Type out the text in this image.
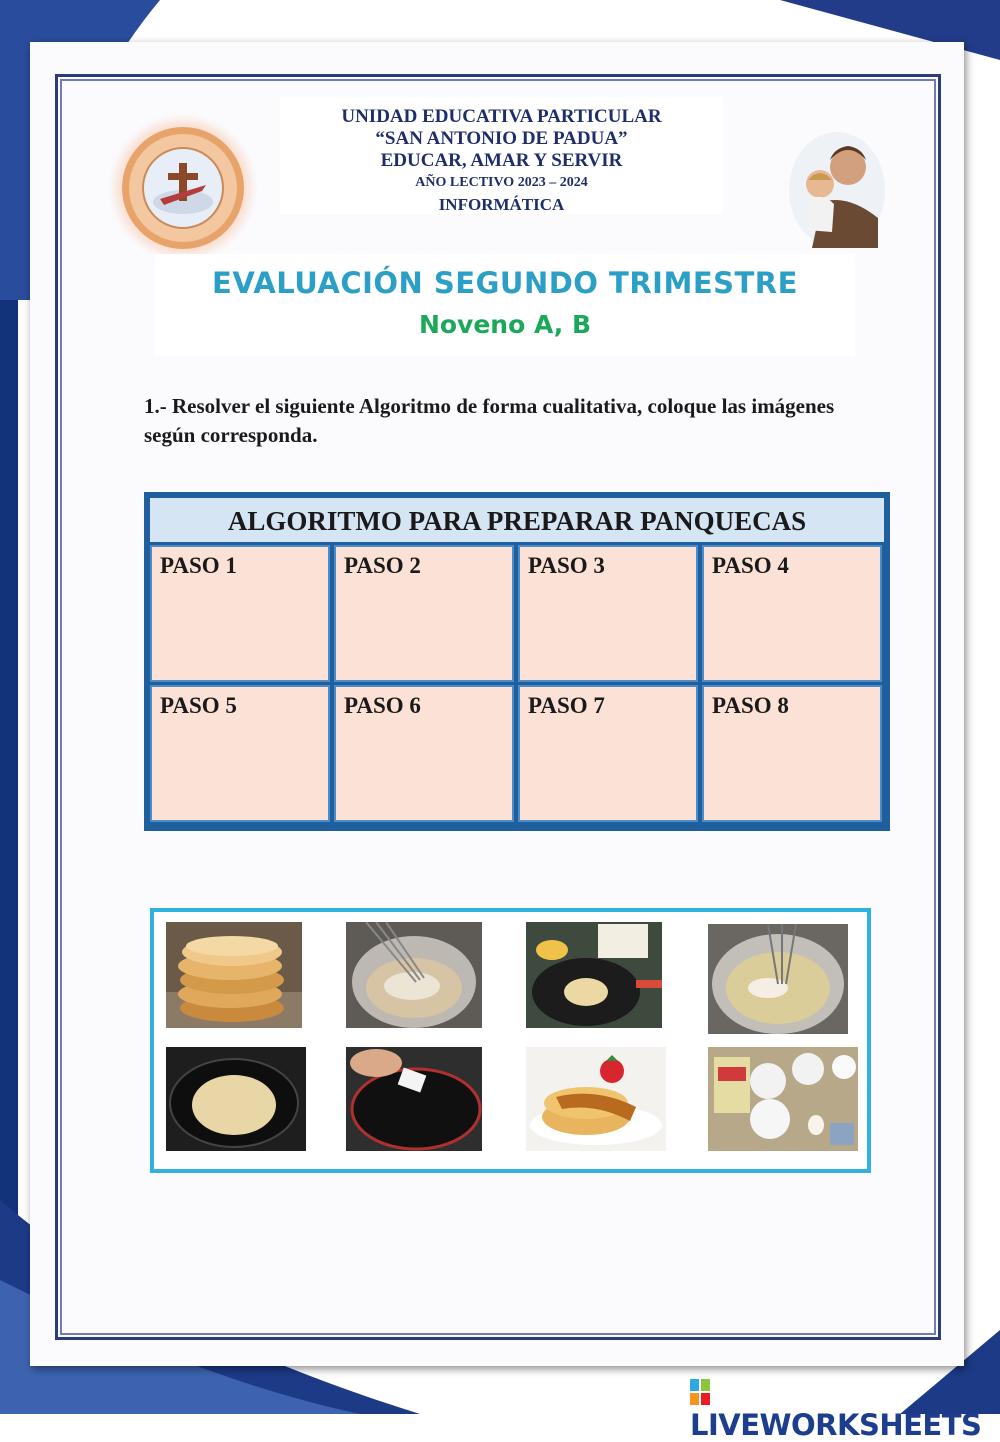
UNIDAD EDUCATIVA PARTICULAR
“SAN ANTONIO DE PADUA”
EDUCAR, AMAR Y SERVIR
AÑO LECTIVO 2023 – 2024
INFORMÁTICA
EVALUACIÓN SEGUNDO TRIMESTRE
Noveno A, B
1.- Resolver el siguiente Algoritmo de forma cualitativa, coloque las imágenes según corresponda.
ALGORITMO PARA PREPARAR PANQUECAS
PASO 1	PASO 2	PASO 3	PASO 4
PASO 5	PASO 6	PASO 7	PASO 8
LIVEWORKSHEETS
